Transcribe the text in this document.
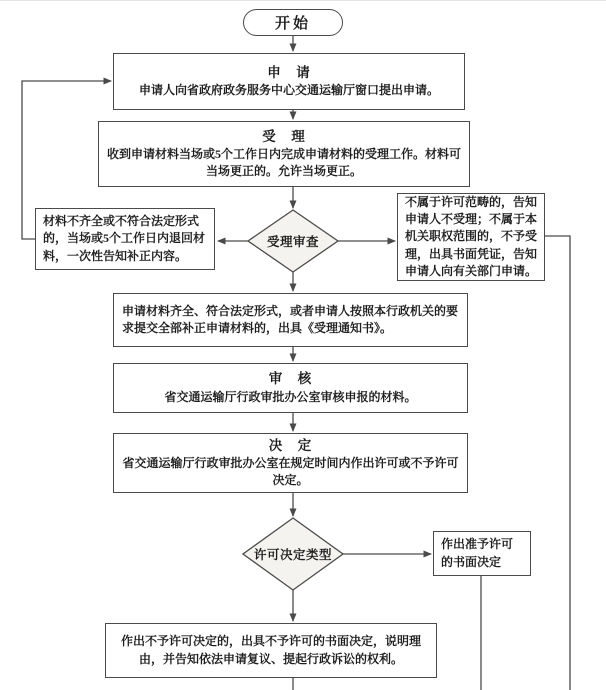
开始
申　请
申请人向省政府政务服务中心交通运输厅窗口提出申请。
受　理
收到申请材料当场或5个工作日内完成申请材料的受理工作。材料可当场更正的。允许当场更正。
受理审查
材料不齐全或不符合法定形式的，当场或5个工作日内退回材料，一次性告知补正内容。
不属于许可范畴的，告知申请人不受理；不属于本机关职权范围的，不予受理，出具书面凭证，告知申请人向有关部门申请。
申请材料齐全、符合法定形式，或者申请人按照本行政机关的要求提交全部补正申请材料的，出具《受理通知书》。
审　核
省交通运输厅行政审批办公室审核申报的材料。
决　定
省交通运输厅行政审批办公室在规定时间内作出许可或不予许可决定。
许可决定类型
作出准予许可的书面决定
作出不予许可决定的，出具不予许可的书面决定，说明理由，并告知依法申请复议、提起行政诉讼的权利。
